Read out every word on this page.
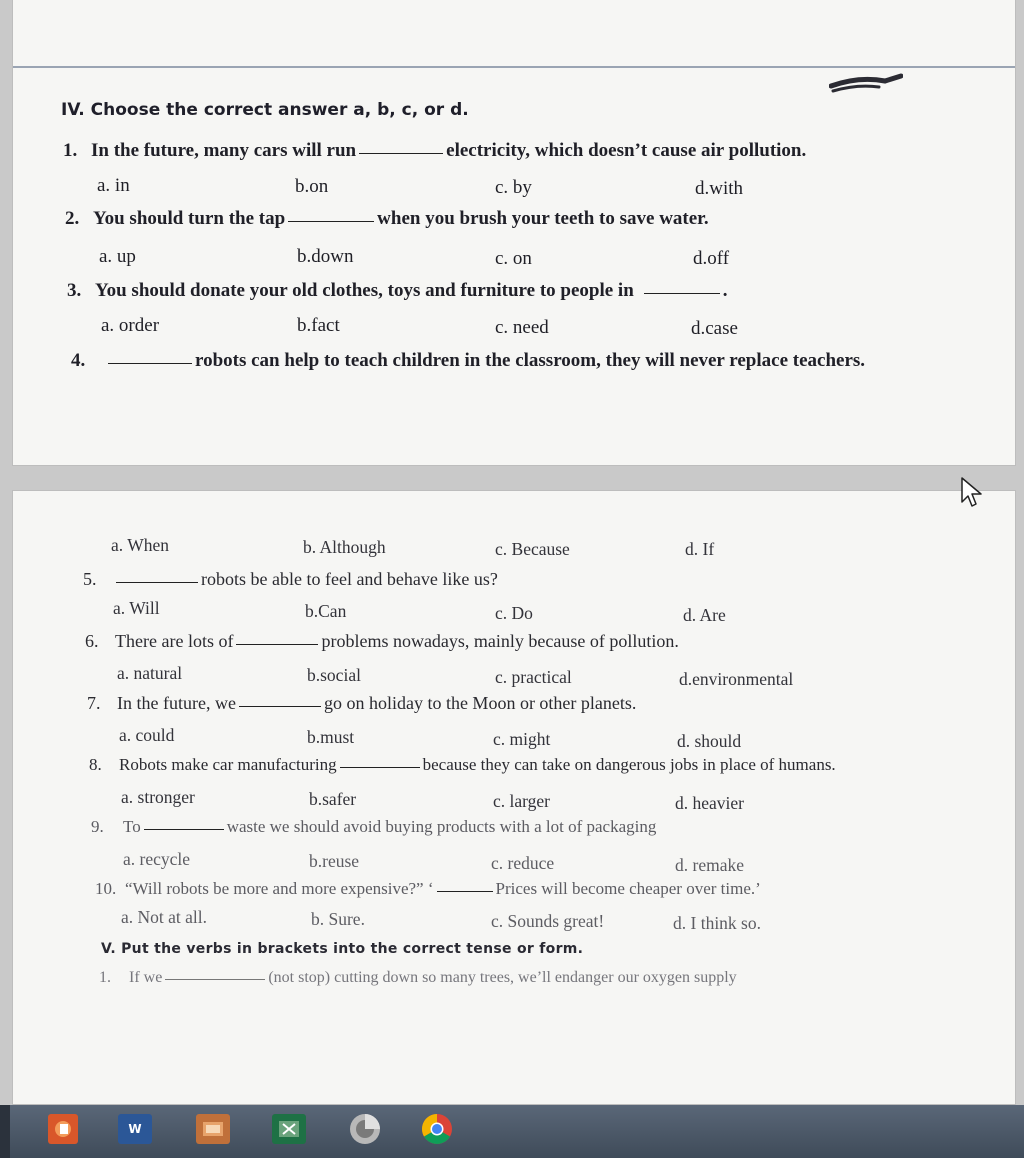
IV. Choose the correct answer a, b, c, or d.
1. In the future, many cars will run	electricity, which doesn’t cause air pollution.
a. in	b.on	c. by	d.with
2. You should turn the tap	when you brush your teeth to save water.
a. up	b.down	c. on	d.off
3. You should donate your old clothes, toys and furniture to people in	.
a. order	b.fact	c. need	d.case
4.	robots can help to teach children in the classroom, they will never replace teachers.
a. When	b. Although	c. Because	d. If
5.	robots be able to feel and behave like us?
a. Will	b.Can	c. Do	d. Are
6. There are lots of	problems nowadays, mainly because of pollution.
a. natural	b.social	c. practical	d.environmental
7. In the future, we	go on holiday to the Moon or other planets.
a. could	b.must	c. might	d. should
8. Robots make car manufacturing	because they can take on dangerous jobs in place of humans.
a. stronger	b.safer	c. larger	d. heavier
9. To	waste we should avoid buying products with a lot of packaging
a. recycle	b.reuse	c. reduce	d. remake
10. “Will robots be more and more expensive?” ‘	Prices will become cheaper over time.’
a. Not at all.	b. Sure.	c. Sounds great!	d. I think so.
V. Put the verbs in brackets into the correct tense or form.
1. If we	(not stop) cutting down so many trees, we’ll endanger our oxygen supply
W
